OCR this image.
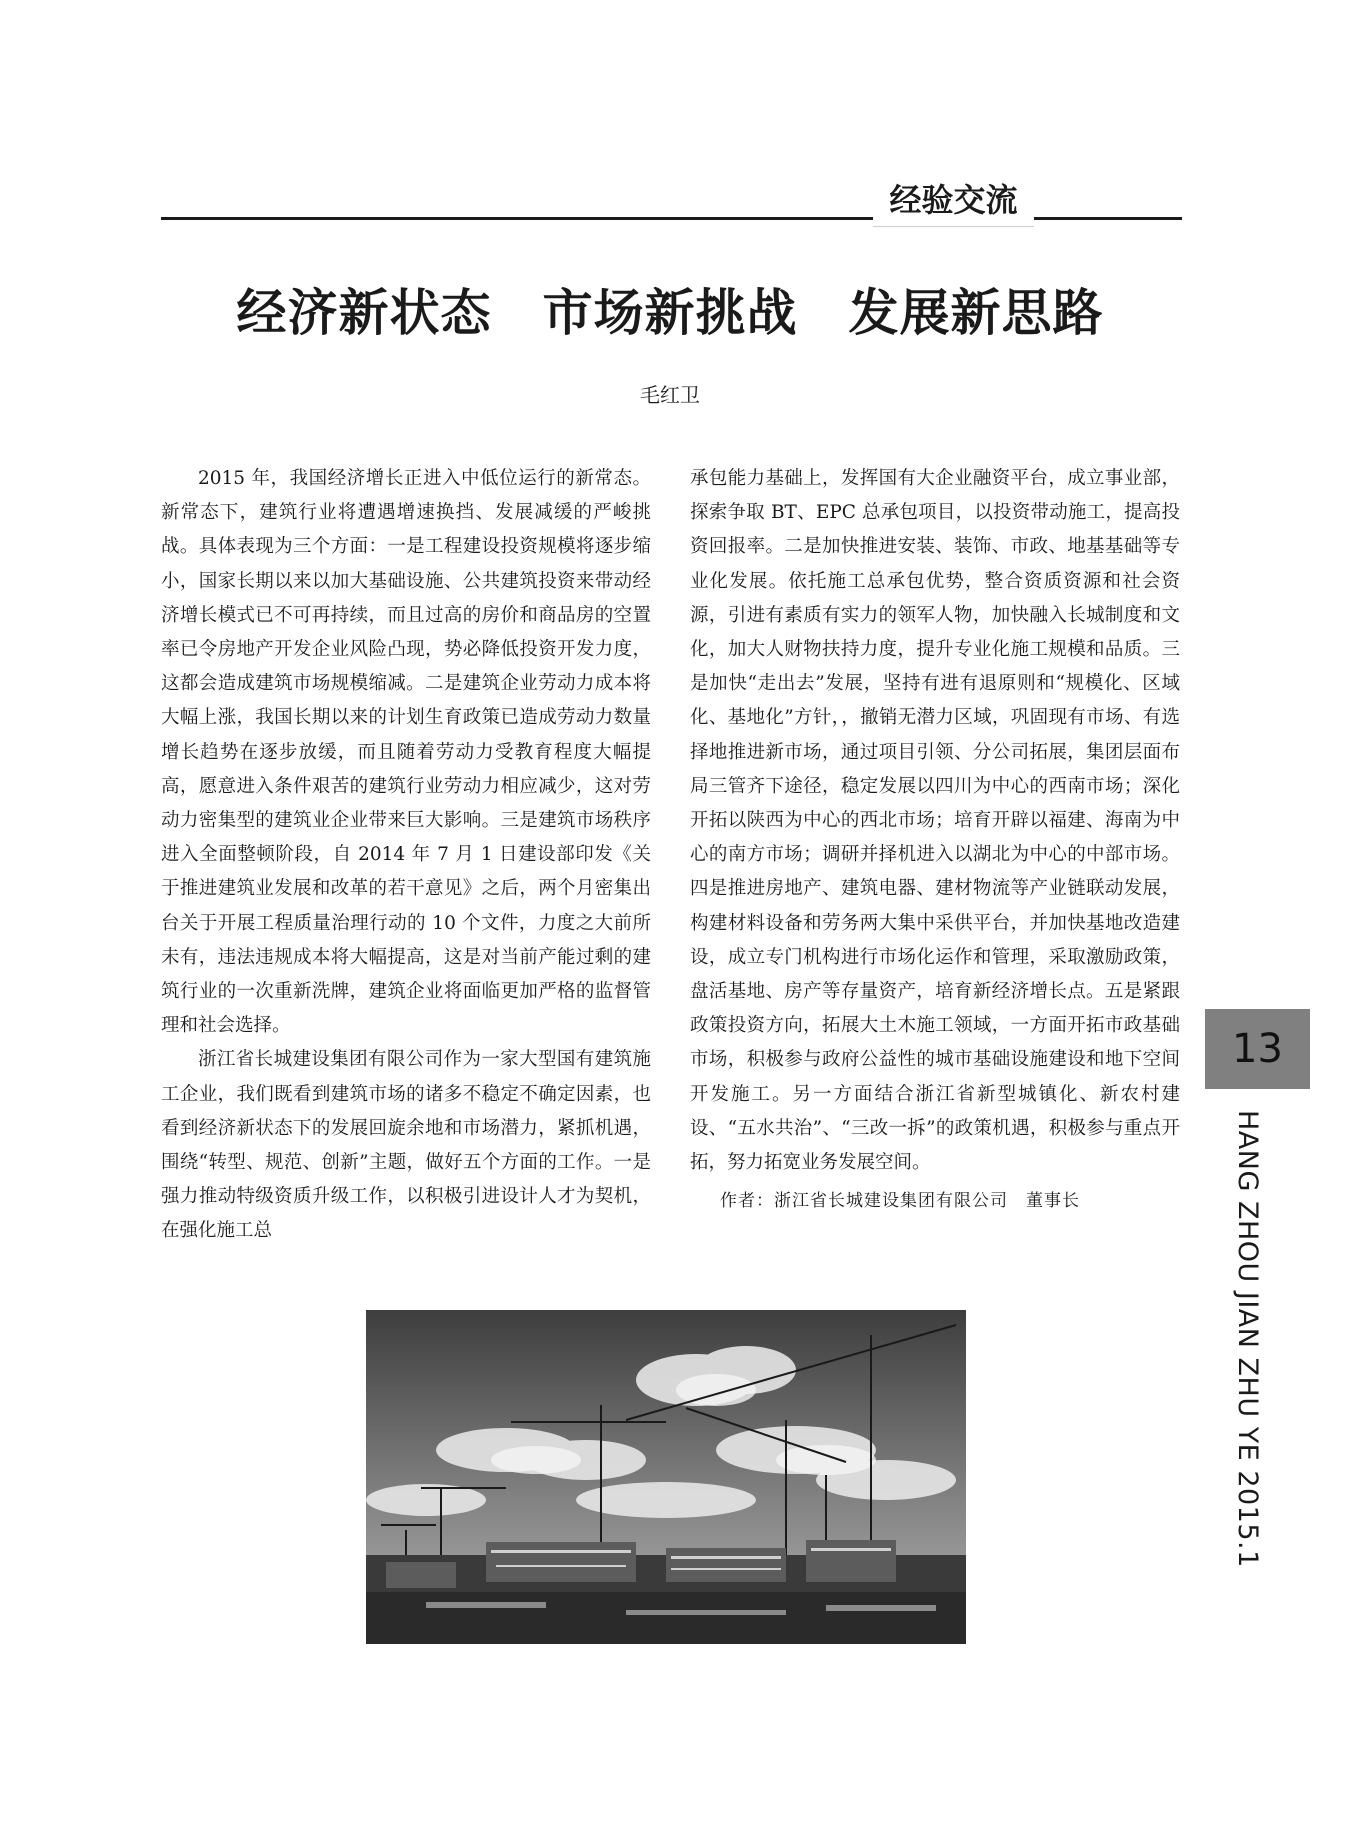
经验交流
经济新状态　市场新挑战　发展新思路
毛红卫

2015 年，我国经济增长正进入中低位运行的新常态。新常态下，建筑行业将遭遇增速换挡、发展减缓的严峻挑战。具体表现为三个方面：一是工程建设投资规模将逐步缩小，国家长期以来以加大基础设施、公共建筑投资来带动经济增长模式已不可再持续，而且过高的房价和商品房的空置率已令房地产开发企业风险凸现，势必降低投资开发力度，这都会造成建筑市场规模缩减。二是建筑企业劳动力成本将大幅上涨，我国长期以来的计划生育政策已造成劳动力数量增长趋势在逐步放缓，而且随着劳动力受教育程度大幅提高，愿意进入条件艰苦的建筑行业劳动力相应减少，这对劳动力密集型的建筑业企业带来巨大影响。三是建筑市场秩序进入全面整顿阶段，自 2014 年 7 月 1 日建设部印发《关于推进建筑业发展和改革的若干意见》之后，两个月密集出台关于开展工程质量治理行动的 10 个文件，力度之大前所未有，违法违规成本将大幅提高，这是对当前产能过剩的建筑行业的一次重新洗牌，建筑企业将面临更加严格的监督管理和社会选择。

浙江省长城建设集团有限公司作为一家大型国有建筑施工企业，我们既看到建筑市场的诸多不稳定不确定因素，也看到经济新状态下的发展回旋余地和市场潜力，紧抓机遇，围绕“转型、规范、创新”主题，做好五个方面的工作。一是强力推动特级资质升级工作，以积极引进设计人才为契机，在强化施工总

承包能力基础上，发挥国有大企业融资平台，成立事业部，探索争取 BT、EPC 总承包项目，以投资带动施工，提高投资回报率。二是加快推进安装、装饰、市政、地基基础等专业化发展。依托施工总承包优势，整合资质资源和社会资源，引进有素质有实力的领军人物，加快融入长城制度和文化，加大人财物扶持力度，提升专业化施工规模和品质。三是加快“走出去”发展，坚持有进有退原则和“规模化、区域化、基地化”方针，，撤销无潜力区域，巩固现有市场、有选择地推进新市场，通过项目引领、分公司拓展，集团层面布局三管齐下途径，稳定发展以四川为中心的西南市场；深化开拓以陕西为中心的西北市场；培育开辟以福建、海南为中心的南方市场；调研并择机进入以湖北为中心的中部市场。四是推进房地产、建筑电器、建材物流等产业链联动发展，构建材料设备和劳务两大集中采供平台，并加快基地改造建设，成立专门机构进行市场化运作和管理，采取激励政策，盘活基地、房产等存量资产，培育新经济增长点。五是紧跟政策投资方向，拓展大土木施工领域，一方面开拓市政基础市场，积极参与政府公益性的城市基础设施建设和地下空间开发施工。另一方面结合浙江省新型城镇化、新农村建设、“五水共治”、“三改一拆”的政策机遇，积极参与重点开拓，努力拓宽业务发展空间。

作者：浙江省长城建设集团有限公司　董事长
13
HANG ZHOU JIAN ZHU YE 2015.1
